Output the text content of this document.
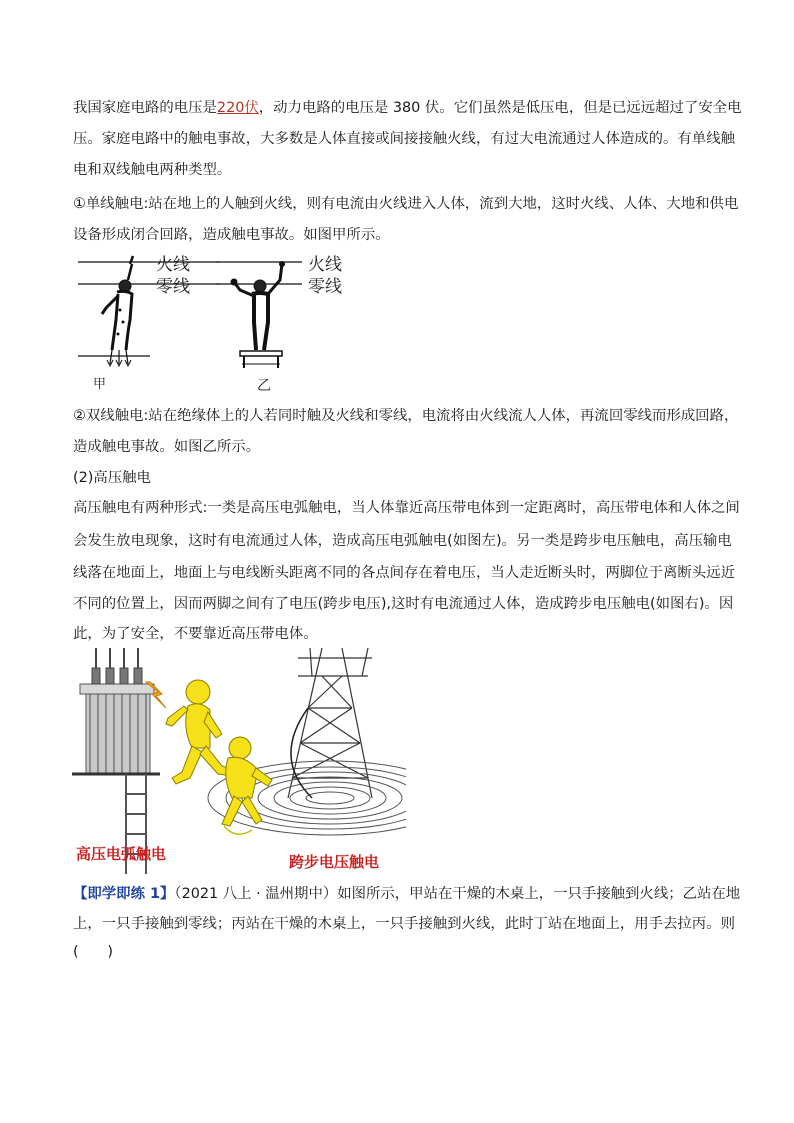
我国家庭电路的电压是220伏，动力电路的电压是 380 伏。它们虽然是低压电，但是已远远超过了安全电
压。家庭电路中的触电事故，大多数是人体直接或间接接触火线，有过大电流通过人体造成的。有单线触
电和双线触电两种类型。
①单线触电:站在地上的人触到火线，则有电流由火线进入人体，流到大地，这时火线、人体、大地和供电
设备形成闭合回路，造成触电事故。如图甲所示。
火线
零线
甲
火线
零线
乙
②双线触电:站在绝缘体上的人若同时触及火线和零线，电流将由火线流人人体，再流回零线而形成回路，
造成触电事故。如图乙所示。
(2)高压触电
高压触电有两种形式:一类是高压电弧触电，当人体靠近高压带电体到一定距离时，高压带电体和人体之间
会发生放电现象，这时有电流通过人体，造成高压电弧触电(如图左)。另一类是跨步电压触电，高压输电
线落在地面上，地面上与电线断头距离不同的各点间存在着电压，当人走近断头时，两脚位于离断头远近
不同的位置上，因而两脚之间有了电压(跨步电压),这时有电流通过人体，造成跨步电压触电(如图右)。因
此，为了安全，不要靠近高压带电体。
高压电弧触电	跨步电压触电
【即学即练 1】（2021 八上 · 温州期中）如图所示，甲站在干燥的木桌上，一只手接触到火线；乙站在地
上，一只手接触到零线；丙站在干燥的木桌上，一只手接触到火线，此时丁站在地面上，用手去拉丙。则
(　　)
